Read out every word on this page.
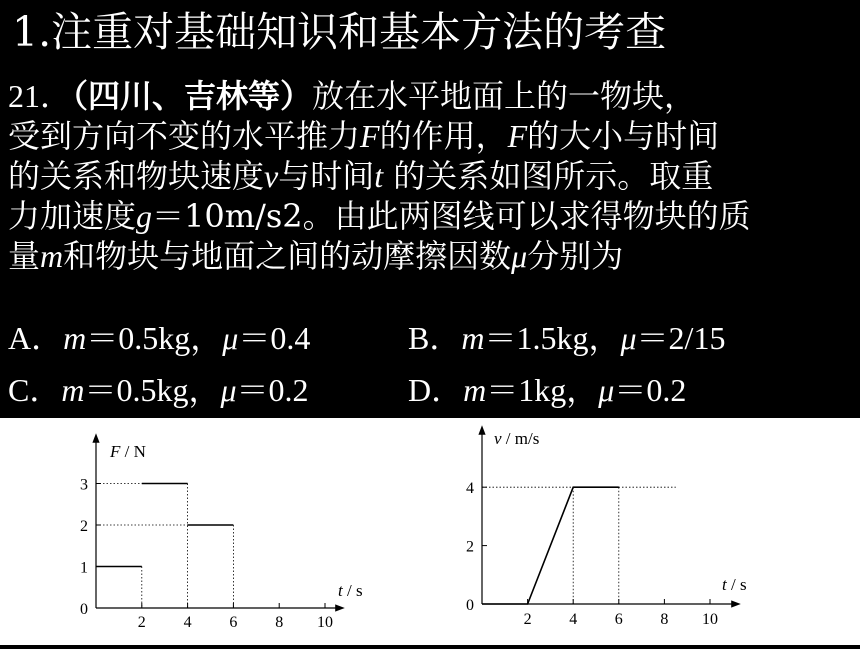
1.注重对基础知识和基本方法的考查
21．（四川、吉林等）放在水平地面上的一物块，
受到方向不变的水平推力F的作用，F的大小与时间
的关系和物块速度v与时间t 的关系如图所示。取重
力加速度g＝10m/s2。由此两图线可以求得物块的质
量m和物块与地面之间的动摩擦因数μ分别为
A．m＝0.5kg，μ＝0.4	B．m＝1.5kg，μ＝2/15
C．m＝0.5kg，μ＝0.2	D．m＝1kg，μ＝0.2
F / N
t / s
0
2 4 6 8 10
1
2
3
v / m/s
t / s
0
2 4 6 8 10
2
4
